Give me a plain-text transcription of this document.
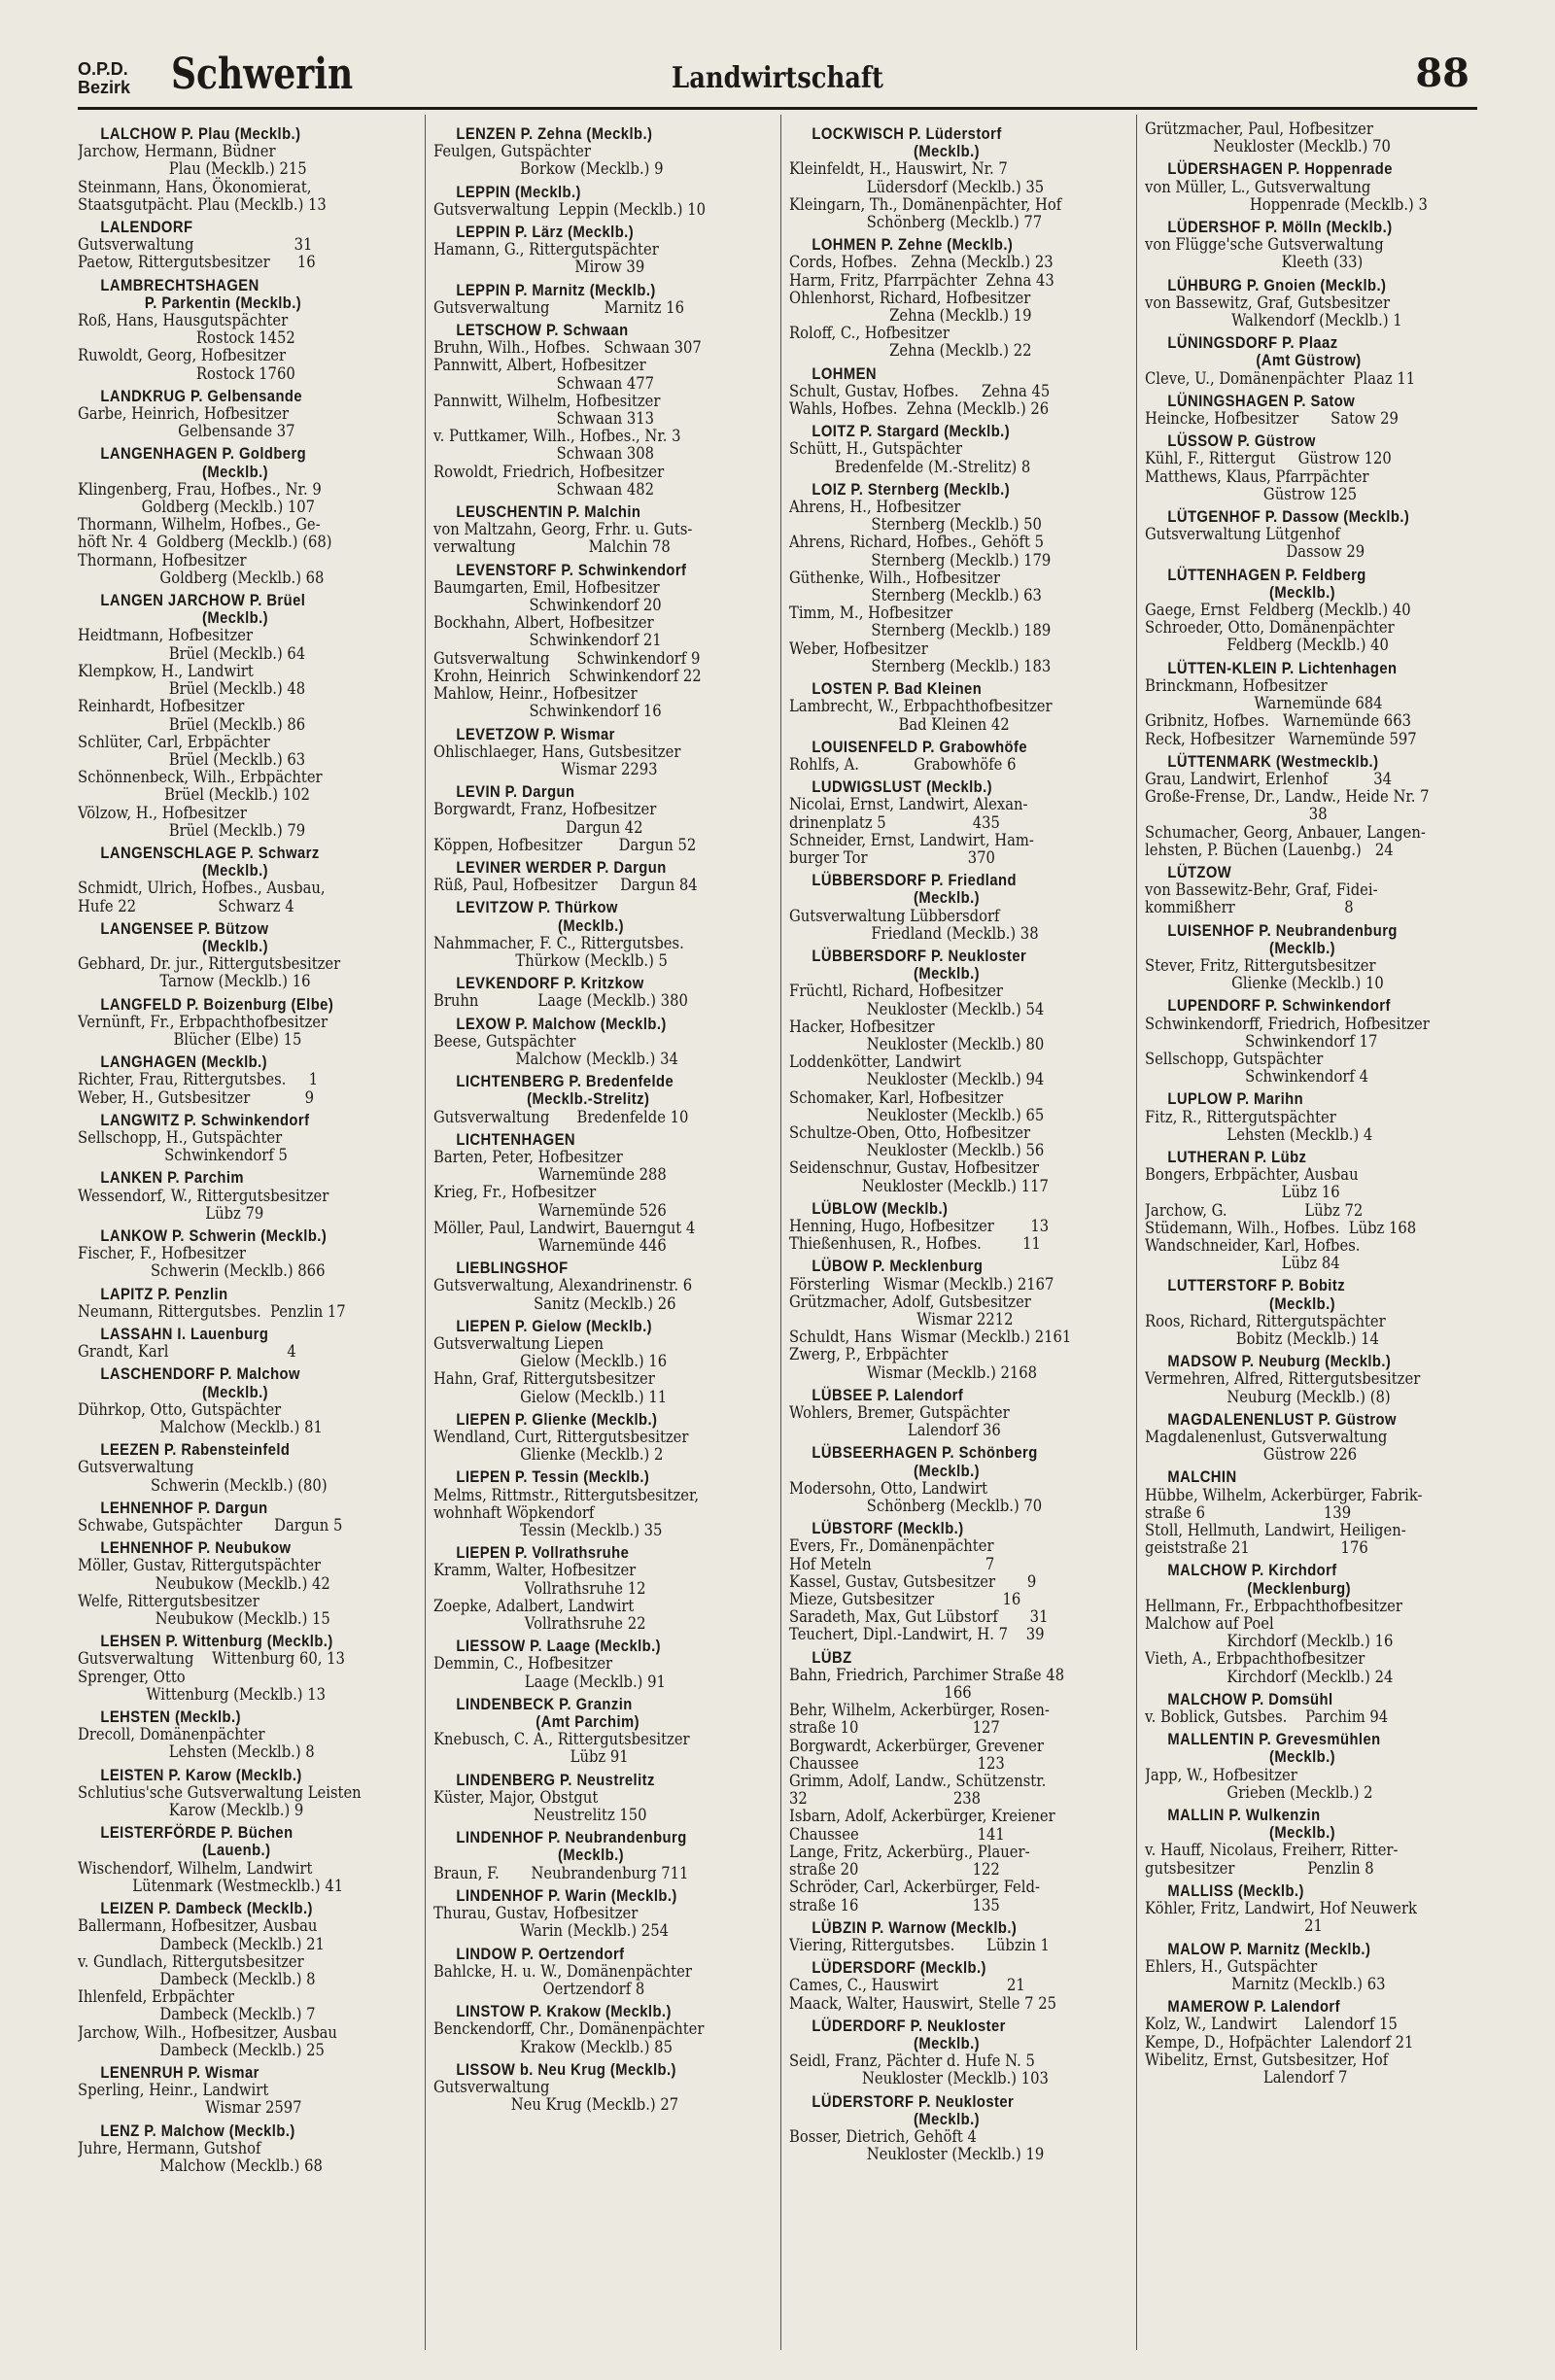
O.P.D.
Bezirk Schwerin	Landwirtschaft	88
LALCHOW P. Plau (Mecklb.)
Jarchow, Hermann, Büdner
Plau (Mecklb.) 215
Steinmann, Hans, Ökonomierat,
Staatsgutpächt. Plau (Mecklb.) 13
LALENDORF
Gutsverwaltung                      31
Paetow, Rittergutsbesitzer      16
LAMBRECHTSHAGEN
P. Parkentin (Mecklb.)
Roß, Hans, Hausgutspächter
Rostock 1452
Ruwoldt, Georg, Hofbesitzer
Rostock 1760
LANDKRUG P. Gelbensande
Garbe, Heinrich, Hofbesitzer
Gelbensande 37
LANGENHAGEN P. Goldberg
(Mecklb.)
Klingenberg, Frau, Hofbes., Nr. 9
Goldberg (Mecklb.) 107
Thormann, Wilhelm, Hofbes., Ge-
höft Nr. 4  Goldberg (Mecklb.) (68)
Thormann, Hofbesitzer
Goldberg (Mecklb.) 68
LANGEN JARCHOW P. Brüel
(Mecklb.)
Heidtmann, Hofbesitzer
Brüel (Mecklb.) 64
Klempkow, H., Landwirt
Brüel (Mecklb.) 48
Reinhardt, Hofbesitzer
Brüel (Mecklb.) 86
Schlüter, Carl, Erbpächter
Brüel (Mecklb.) 63
Schönnenbeck, Wilh., Erbpächter
Brüel (Mecklb.) 102
Völzow, H., Hofbesitzer
Brüel (Mecklb.) 79
LANGENSCHLAGE P. Schwarz
(Mecklb.)
Schmidt, Ulrich, Hofbes., Ausbau,
Hufe 22                  Schwarz 4
LANGENSEE P. Bützow
(Mecklb.)
Gebhard, Dr. jur., Rittergutsbesitzer
Tarnow (Mecklb.) 16
LANGFELD P. Boizenburg (Elbe)
Vernünft, Fr., Erbpachthofbesitzer
Blücher (Elbe) 15
LANGHAGEN (Mecklb.)
Richter, Frau, Rittergutsbes.     1
Weber, H., Gutsbesitzer            9
LANGWITZ P. Schwinkendorf
Sellschopp, H., Gutspächter
Schwinkendorf 5
LANKEN P. Parchim
Wessendorf, W., Rittergutsbesitzer
Lübz 79
LANKOW P. Schwerin (Mecklb.)
Fischer, F., Hofbesitzer
Schwerin (Mecklb.) 866
LAPITZ P. Penzlin
Neumann, Rittergutsbes.  Penzlin 17
LASSAHN I. Lauenburg
Grandt, Karl                          4
LASCHENDORF P. Malchow
(Mecklb.)
Dührkop, Otto, Gutspächter
Malchow (Mecklb.) 81
LEEZEN P. Rabensteinfeld
Gutsverwaltung
Schwerin (Mecklb.) (80)
LEHNENHOF P. Dargun
Schwabe, Gutspächter       Dargun 5
LEHNENHOF P. Neubukow
Möller, Gustav, Rittergutspächter
Neubukow (Mecklb.) 42
Welfe, Rittergutsbesitzer
Neubukow (Mecklb.) 15
LEHSEN P. Wittenburg (Mecklb.)
Gutsverwaltung    Wittenburg 60, 13
Sprenger, Otto
Wittenburg (Mecklb.) 13
LEHSTEN (Mecklb.)
Drecoll, Domänenpächter
Lehsten (Mecklb.) 8
LEISTEN P. Karow (Mecklb.)
Schlutius'sche Gutsverwaltung Leisten
Karow (Mecklb.) 9
LEISTERFÖRDE P. Büchen
(Lauenb.)
Wischendorf, Wilhelm, Landwirt
Lütenmark (Westmecklb.) 41
LEIZEN P. Dambeck (Mecklb.)
Ballermann, Hofbesitzer, Ausbau
Dambeck (Mecklb.) 21
v. Gundlach, Rittergutsbesitzer
Dambeck (Mecklb.) 8
Ihlenfeld, Erbpächter
Dambeck (Mecklb.) 7
Jarchow, Wilh., Hofbesitzer, Ausbau
Dambeck (Mecklb.) 25
LENENRUH P. Wismar
Sperling, Heinr., Landwirt
Wismar 2597
LENZ P. Malchow (Mecklb.)
Juhre, Hermann, Gutshof
Malchow (Mecklb.) 68
LENZEN P. Zehna (Mecklb.)
Feulgen, Gutspächter
Borkow (Mecklb.) 9
LEPPIN (Mecklb.)
Gutsverwaltung  Leppin (Mecklb.) 10
LEPPIN P. Lärz (Mecklb.)
Hamann, G., Rittergutspächter
Mirow 39
LEPPIN P. Marnitz (Mecklb.)
Gutsverwaltung            Marnitz 16
LETSCHOW P. Schwaan
Bruhn, Wilh., Hofbes.   Schwaan 307
Pannwitt, Albert, Hofbesitzer
Schwaan 477
Pannwitt, Wilhelm, Hofbesitzer
Schwaan 313
v. Puttkamer, Wilh., Hofbes., Nr. 3
Schwaan 308
Rowoldt, Friedrich, Hofbesitzer
Schwaan 482
LEUSCHENTIN P. Malchin
von Maltzahn, Georg, Frhr. u. Guts-
verwaltung                Malchin 78
LEVENSTORF P. Schwinkendorf
Baumgarten, Emil, Hofbesitzer
Schwinkendorf 20
Bockhahn, Albert, Hofbesitzer
Schwinkendorf 21
Gutsverwaltung      Schwinkendorf 9
Krohn, Heinrich    Schwinkendorf 22
Mahlow, Heinr., Hofbesitzer
Schwinkendorf 16
LEVETZOW P. Wismar
Ohlischlaeger, Hans, Gutsbesitzer
Wismar 2293
LEVIN P. Dargun
Borgwardt, Franz, Hofbesitzer
Dargun 42
Köppen, Hofbesitzer        Dargun 52
LEVINER WERDER P. Dargun
Rüß, Paul, Hofbesitzer     Dargun 84
LEVITZOW P. Thürkow
(Mecklb.)
Nahmmacher, F. C., Rittergutsbes.
Thürkow (Mecklb.) 5
LEVKENDORF P. Kritzkow
Bruhn             Laage (Mecklb.) 380
LEXOW P. Malchow (Mecklb.)
Beese, Gutspächter
Malchow (Mecklb.) 34
LICHTENBERG P. Bredenfelde
(Mecklb.-Strelitz)
Gutsverwaltung      Bredenfelde 10
LICHTENHAGEN
Barten, Peter, Hofbesitzer
Warnemünde 288
Krieg, Fr., Hofbesitzer
Warnemünde 526
Möller, Paul, Landwirt, Bauerngut 4
Warnemünde 446
LIEBLINGSHOF
Gutsverwaltung, Alexandrinenstr. 6
Sanitz (Mecklb.) 26
LIEPEN P. Gielow (Mecklb.)
Gutsverwaltung Liepen
Gielow (Mecklb.) 16
Hahn, Graf, Rittergutsbesitzer
Gielow (Mecklb.) 11
LIEPEN P. Glienke (Mecklb.)
Wendland, Curt, Rittergutsbesitzer
Glienke (Mecklb.) 2
LIEPEN P. Tessin (Mecklb.)
Melms, Rittmstr., Rittergutsbesitzer,
wohnhaft Wöpkendorf
Tessin (Mecklb.) 35
LIEPEN P. Vollrathsruhe
Kramm, Walter, Hofbesitzer
Vollrathsruhe 12
Zoepke, Adalbert, Landwirt
Vollrathsruhe 22
LIESSOW P. Laage (Mecklb.)
Demmin, C., Hofbesitzer
Laage (Mecklb.) 91
LINDENBECK P. Granzin
(Amt Parchim)
Knebusch, C. A., Rittergutsbesitzer
Lübz 91
LINDENBERG P. Neustrelitz
Küster, Major, Obstgut
Neustrelitz 150
LINDENHOF P. Neubrandenburg
(Mecklb.)
Braun, F.       Neubrandenburg 711
LINDENHOF P. Warin (Mecklb.)
Thurau, Gustav, Hofbesitzer
Warin (Mecklb.) 254
LINDOW P. Oertzendorf
Bahlcke, H. u. W., Domänenpächter
Oertzendorf 8
LINSTOW P. Krakow (Mecklb.)
Benckendorff, Chr., Domänenpächter
Krakow (Mecklb.) 85
LISSOW b. Neu Krug (Mecklb.)
Gutsverwaltung
Neu Krug (Mecklb.) 27
LOCKWISCH P. Lüderstorf
(Mecklb.)
Kleinfeldt, H., Hauswirt, Nr. 7
Lüdersdorf (Mecklb.) 35
Kleingarn, Th., Domänenpächter, Hof
Schönberg (Mecklb.) 77
LOHMEN P. Zehne (Mecklb.)
Cords, Hofbes.   Zehna (Mecklb.) 23
Harm, Fritz, Pfarrpächter  Zehna 43
Ohlenhorst, Richard, Hofbesitzer
Zehna (Mecklb.) 19
Roloff, C., Hofbesitzer
Zehna (Mecklb.) 22
LOHMEN
Schult, Gustav, Hofbes.     Zehna 45
Wahls, Hofbes.  Zehna (Mecklb.) 26
LOITZ P. Stargard (Mecklb.)
Schütt, H., Gutspächter
Bredenfelde (M.-Strelitz) 8
LOIZ P. Sternberg (Mecklb.)
Ahrens, H., Hofbesitzer
Sternberg (Mecklb.) 50
Ahrens, Richard, Hofbes., Gehöft 5
Sternberg (Mecklb.) 179
Güthenke, Wilh., Hofbesitzer
Sternberg (Mecklb.) 63
Timm, M., Hofbesitzer
Sternberg (Mecklb.) 189
Weber, Hofbesitzer
Sternberg (Mecklb.) 183
LOSTEN P. Bad Kleinen
Lambrecht, W., Erbpachthofbesitzer
Bad Kleinen 42
LOUISENFELD P. Grabowhöfe
Rohlfs, A.            Grabowhöfe 6
LUDWIGSLUST (Mecklb.)
Nicolai, Ernst, Landwirt, Alexan-
drinenplatz 5                   435
Schneider, Ernst, Landwirt, Ham-
burger Tor                      370
LÜBBERSDORF P. Friedland
(Mecklb.)
Gutsverwaltung Lübbersdorf
Friedland (Mecklb.) 38
LÜBBERSDORF P. Neukloster
(Mecklb.)
Früchtl, Richard, Hofbesitzer
Neukloster (Mecklb.) 54
Hacker, Hofbesitzer
Neukloster (Mecklb.) 80
Loddenkötter, Landwirt
Neukloster (Mecklb.) 94
Schomaker, Karl, Hofbesitzer
Neukloster (Mecklb.) 65
Schultze-Oben, Otto, Hofbesitzer
Neukloster (Mecklb.) 56
Seidenschnur, Gustav, Hofbesitzer
Neukloster (Mecklb.) 117
LÜBLOW (Mecklb.)
Henning, Hugo, Hofbesitzer        13
Thießenhusen, R., Hofbes.         11
LÜBOW P. Mecklenburg
Försterling   Wismar (Mecklb.) 2167
Grützmacher, Adolf, Gutsbesitzer
Wismar 2212
Schuldt, Hans  Wismar (Mecklb.) 2161
Zwerg, P., Erbpächter
Wismar (Mecklb.) 2168
LÜBSEE P. Lalendorf
Wohlers, Bremer, Gutspächter
Lalendorf 36
LÜBSEERHAGEN P. Schönberg
(Mecklb.)
Modersohn, Otto, Landwirt
Schönberg (Mecklb.) 70
LÜBSTORF (Mecklb.)
Evers, Fr., Domänenpächter
Hof Meteln                         7
Kassel, Gustav, Gutsbesitzer       9
Mieze, Gutsbesitzer               16
Saradeth, Max, Gut Lübstorf       31
Teuchert, Dipl.-Landwirt, H. 7    39
LÜBZ
Bahn, Friedrich, Parchimer Straße 48
166
Behr, Wilhelm, Ackerbürger, Rosen-
straße 10                         127
Borgwardt, Ackerbürger, Grevener
Chaussee                          123
Grimm, Adolf, Landw., Schützenstr.
32                                238
Isbarn, Adolf, Ackerbürger, Kreiener
Chaussee                          141
Lange, Fritz, Ackerbürg., Plauer-
straße 20                         122
Schröder, Carl, Ackerbürger, Feld-
straße 16                         135
LÜBZIN P. Warnow (Mecklb.)
Viering, Rittergutsbes.       Lübzin 1
LÜDERSDORF (Mecklb.)
Cames, C., Hauswirt               21
Maack, Walter, Hauswirt, Stelle 7 25
LÜDERDORF P. Neukloster
(Mecklb.)
Seidl, Franz, Pächter d. Hufe N. 5
Neukloster (Mecklb.) 103
LÜDERSTORF P. Neukloster
(Mecklb.)
Bosser, Dietrich, Gehöft 4
Neukloster (Mecklb.) 19
Grützmacher, Paul, Hofbesitzer
Neukloster (Mecklb.) 70
LÜDERSHAGEN P. Hoppenrade
von Müller, L., Gutsverwaltung
Hoppenrade (Mecklb.) 3
LÜDERSHOF P. Mölln (Mecklb.)
von Flügge'sche Gutsverwaltung
Kleeth (33)
LÜHBURG P. Gnoien (Mecklb.)
von Bassewitz, Graf, Gutsbesitzer
Walkendorf (Mecklb.) 1
LÜNINGSDORF P. Plaaz
(Amt Güstrow)
Cleve, U., Domänenpächter  Plaaz 11
LÜNINGSHAGEN P. Satow
Heincke, Hofbesitzer       Satow 29
LÜSSOW P. Güstrow
Kühl, F., Rittergut     Güstrow 120
Matthews, Klaus, Pfarrpächter
Güstrow 125
LÜTGENHOF P. Dassow (Mecklb.)
Gutsverwaltung Lütgenhof
Dassow 29
LÜTTENHAGEN P. Feldberg
(Mecklb.)
Gaege, Ernst  Feldberg (Mecklb.) 40
Schroeder, Otto, Domänenpächter
Feldberg (Mecklb.) 40
LÜTTEN-KLEIN P. Lichtenhagen
Brinckmann, Hofbesitzer
Warnemünde 684
Gribnitz, Hofbes.   Warnemünde 663
Reck, Hofbesitzer   Warnemünde 597
LÜTTENMARK (Westmecklb.)
Grau, Landwirt, Erlenhof          34
Große-Frense, Dr., Landw., Heide Nr. 7
38
Schumacher, Georg, Anbauer, Langen-
lehsten, P. Büchen (Lauenbg.)   24
LÜTZOW
von Bassewitz-Behr, Graf, Fidei-
kommißherr                        8
LUISENHOF P. Neubrandenburg
(Mecklb.)
Stever, Fritz, Rittergutsbesitzer
Glienke (Mecklb.) 10
LUPENDORF P. Schwinkendorf
Schwinkendorff, Friedrich, Hofbesitzer
Schwinkendorf 17
Sellschopp, Gutspächter
Schwinkendorf 4
LUPLOW P. Marihn
Fitz, R., Rittergutspächter
Lehsten (Mecklb.) 4
LUTHERAN P. Lübz
Bongers, Erbpächter, Ausbau
Lübz 16
Jarchow, G.                 Lübz 72
Stüdemann, Wilh., Hofbes.  Lübz 168
Wandschneider, Karl, Hofbes.
Lübz 84
LUTTERSTORF P. Bobitz
(Mecklb.)
Roos, Richard, Rittergutspächter
Bobitz (Mecklb.) 14
MADSOW P. Neuburg (Mecklb.)
Vermehren, Alfred, Rittergutsbesitzer
Neuburg (Mecklb.) (8)
MAGDALENENLUST P. Güstrow
Magdalenenlust, Gutsverwaltung
Güstrow 226
MALCHIN
Hübbe, Wilhelm, Ackerbürger, Fabrik-
straße 6                          139
Stoll, Hellmuth, Landwirt, Heiligen-
geiststraße 21                    176
MALCHOW P. Kirchdorf
(Mecklenburg)
Hellmann, Fr., Erbpachthofbesitzer
Malchow auf Poel
Kirchdorf (Mecklb.) 16
Vieth, A., Erbpachthofbesitzer
Kirchdorf (Mecklb.) 24
MALCHOW P. Domsühl
v. Boblick, Gutsbes.    Parchim 94
MALLENTIN P. Grevesmühlen
(Mecklb.)
Japp, W., Hofbesitzer
Grieben (Mecklb.) 2
MALLIN P. Wulkenzin
(Mecklb.)
v. Hauff, Nicolaus, Freiherr, Ritter-
gutsbesitzer                Penzlin 8
MALLISS (Mecklb.)
Köhler, Fritz, Landwirt, Hof Neuwerk
21
MALOW P. Marnitz (Mecklb.)
Ehlers, H., Gutspächter
Marnitz (Mecklb.) 63
MAMEROW P. Lalendorf
Kolz, W., Landwirt      Lalendorf 15
Kempe, D., Hofpächter  Lalendorf 21
Wibelitz, Ernst, Gutsbesitzer, Hof
Lalendorf 7
